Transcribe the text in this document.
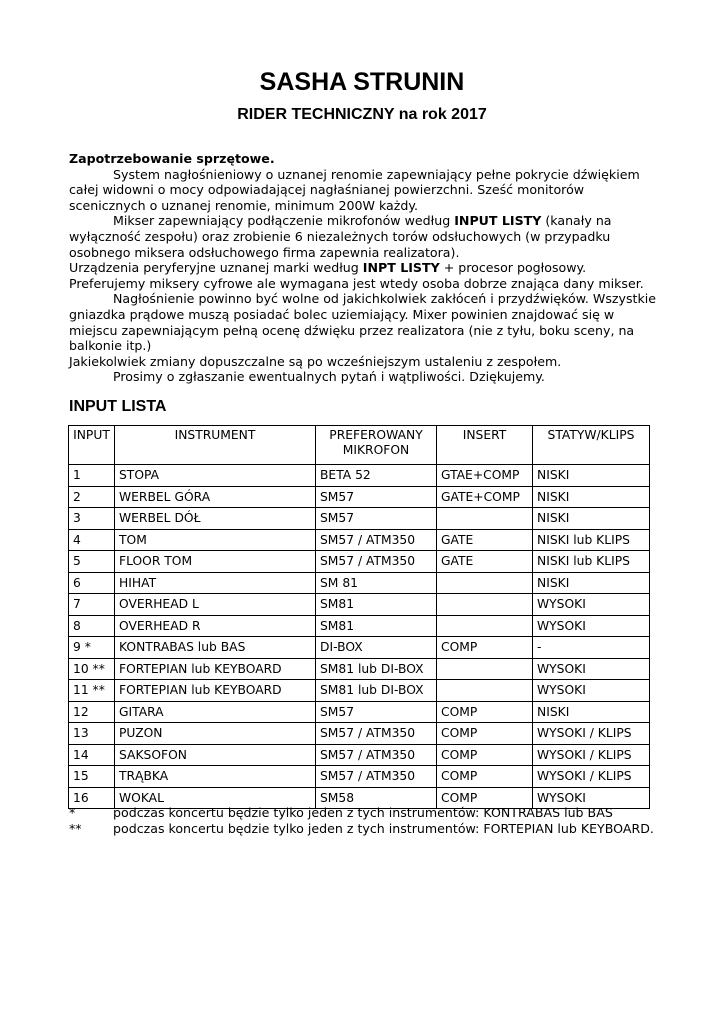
SASHA STRUNIN
RIDER TECHNICZNY na rok 2017

Zapotrzebowanie sprzętowe.

System nagłośnieniowy o uznanej renomie zapewniający pełne pokrycie dźwiękiem całej widowni o mocy odpowiadającej nagłaśnianej powierzchni. Sześć monitorów scenicznych o uznanej renomie, minimum 200W każdy.

Mikser zapewniający podłączenie mikrofonów według INPUT LISTY (kanały na wyłączność zespołu) oraz zrobienie 6 niezależnych torów odsłuchowych (w przypadku osobnego miksera odsłuchowego firma zapewnia realizatora).

Urządzenia peryferyjne uznanej marki według INPT LISTY + procesor pogłosowy.

Preferujemy miksery cyfrowe ale wymagana jest wtedy osoba dobrze znająca dany mikser.

Nagłośnienie powinno być wolne od jakichkolwiek zakłóceń i przydźwięków. Wszystkie gniazdka prądowe muszą posiadać bolec uziemiający. Mixer powinien znajdować się w miejscu zapewniającym pełną ocenę dźwięku przez realizatora (nie z tyłu, boku sceny, na balkonie itp.)

Jakiekolwiek zmiany dopuszczalne są po wcześniejszym ustaleniu z zespołem.

Prosimy o zgłaszanie ewentualnych pytań i wątpliwości. Dziękujemy.

INPUT LISTA
INPUT	INSTRUMENT	PREFEROWANY MIKROFON	INSERT	STATYW/KLIPS
1	STOPA	BETA 52	GTAE+COMP	NISKI
2	WERBEL GÓRA	SM57	GATE+COMP	NISKI
3	WERBEL DÓŁ	SM57		NISKI
4	TOM	SM57 / ATM350	GATE	NISKI lub KLIPS
5	FLOOR TOM	SM57 / ATM350	GATE	NISKI lub KLIPS
6	HIHAT	SM 81		NISKI
7	OVERHEAD L	SM81		WYSOKI
8	OVERHEAD R	SM81		WYSOKI
9 *	KONTRABAS lub BAS	DI-BOX	COMP	-
10 **	FORTEPIAN lub KEYBOARD	SM81 lub DI-BOX		WYSOKI
11 **	FORTEPIAN lub KEYBOARD	SM81 lub DI-BOX		WYSOKI
12	GITARA	SM57	COMP	NISKI
13	PUZON	SM57 / ATM350	COMP	WYSOKI / KLIPS
14	SAKSOFON	SM57 / ATM350	COMP	WYSOKI / KLIPS
15	TRĄBKA	SM57 / ATM350	COMP	WYSOKI / KLIPS
16	WOKAL	SM58	COMP	WYSOKI
*	podczas koncertu będzie tylko jeden z tych instrumentów: KONTRABAS lub BAS
**	podczas koncertu będzie tylko jeden z tych instrumentów: FORTEPIAN lub KEYBOARD.
